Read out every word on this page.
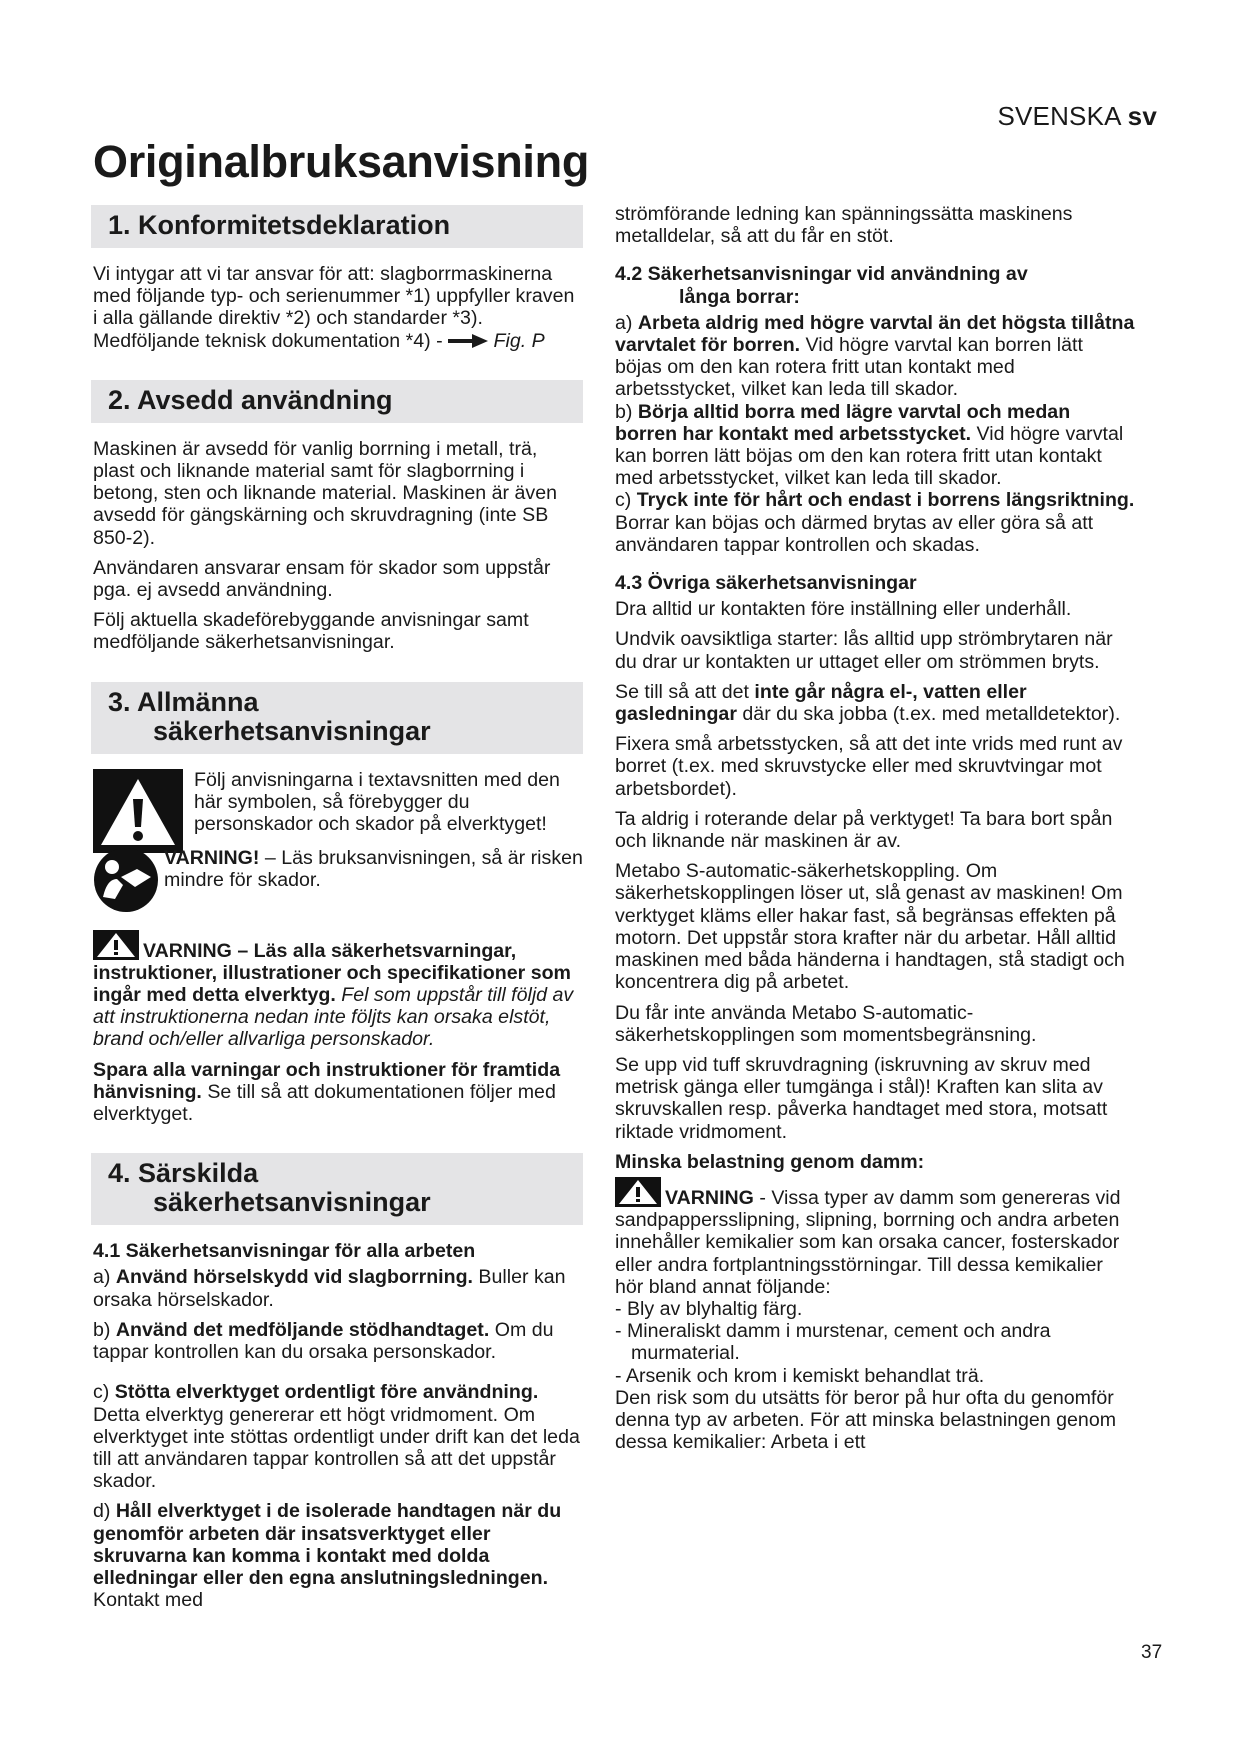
SVENSKA sv
Originalbruksanvisning
1. Konformitetsdeklaration

Vi intygar att vi tar ansvar för att: slagborrmaskinerna med följande typ- och serienummer *1) uppfyller kraven i alla gällande direktiv *2) och standarder *3). Medföljande teknisk dokumentation *4) -	Fig. P

2. Avsedd användning

Maskinen är avsedd för vanlig borrning i metall, trä, plast och liknande material samt för slagborrning i betong, sten och liknande material. Maskinen är även avsedd för gängskärning och skruvdragning (inte SB 850-2).

Användaren ansvarar ensam för skador som uppstår pga. ej avsedd användning.

Följ aktuella skadeförebyggande anvisningar samt medföljande säkerhetsanvisningar.

3. Allmänna
säkerhetsanvisningar
Följ anvisningarna i textavsnitten med den här symbolen, så förebygger du personskador och skador på elverktyget!
VARNING! – Läs bruksanvisningen, så är risken mindre för skador.

VARNING – Läs alla säkerhetsvarningar, instruktioner, illustrationer och specifikationer som ingår med detta elverktyg. Fel som uppstår till följd av att instruktionerna nedan inte följts kan orsaka elstöt, brand och/eller allvarliga personskador.

Spara alla varningar och instruktioner för framtida hänvisning. Se till så att dokumentationen följer med elverktyget.

4. Särskilda
säkerhetsanvisningar

4.1 Säkerhetsanvisningar för alla arbeten

a) Använd hörselskydd vid slagborrning. Buller kan orsaka hörselskador.

b) Använd det medföljande stödhandtaget. Om du tappar kontrollen kan du orsaka personskador.

c) Stötta elverktyget ordentligt före användning. Detta elverktyg genererar ett högt vridmoment. Om elverktyget inte stöttas ordentligt under drift kan det leda till att användaren tappar kontrollen så att det uppstår skador.

d) Håll elverktyget i de isolerade handtagen när du genomför arbeten där insatsverktyget eller skruvarna kan komma i kontakt med dolda elledningar eller den egna anslutningsledningen. Kontakt med

strömförande ledning kan spänningssätta maskinens metalldelar, så att du får en stöt.

4.2 Säkerhetsanvisningar vid användning av
långa borrar:

a) Arbeta aldrig med högre varvtal än det högsta tillåtna varvtalet för borren. Vid högre varvtal kan borren lätt böjas om den kan rotera fritt utan kontakt med arbetsstycket, vilket kan leda till skador.

b) Börja alltid borra med lägre varvtal och medan borren har kontakt med arbetsstycket. Vid högre varvtal kan borren lätt böjas om den kan rotera fritt utan kontakt med arbetsstycket, vilket kan leda till skador.

c) Tryck inte för hårt och endast i borrens längsriktning. Borrar kan böjas och därmed brytas av eller göra så att användaren tappar kontrollen och skadas.

4.3 Övriga säkerhetsanvisningar

Dra alltid ur kontakten före inställning eller underhåll.

Undvik oavsiktliga starter: lås alltid upp strömbrytaren när du drar ur kontakten ur uttaget eller om strömmen bryts.

Se till så att det inte går några el-, vatten eller gasledningar där du ska jobba (t.ex. med metalldetektor).

Fixera små arbetsstycken, så att det inte vrids med runt av borret (t.ex. med skruvstycke eller med skruvtvingar mot arbetsbordet).

Ta aldrig i roterande delar på verktyget! Ta bara bort spån och liknande när maskinen är av.

Metabo S-automatic-säkerhetskoppling. Om säkerhetskopplingen löser ut, slå genast av maskinen! Om verktyget kläms eller hakar fast, så begränsas effekten på motorn. Det uppstår stora krafter när du arbetar. Håll alltid maskinen med båda händerna i handtagen, stå stadigt och koncentrera dig på arbetet.

Du får inte använda Metabo S-automatic-säkerhetskopplingen som momentsbegränsning.

Se upp vid tuff skruvdragning (iskruvning av skruv med metrisk gänga eller tumgänga i stål)! Kraften kan slita av skruvskallen resp. påverka handtaget med stora, motsatt riktade vridmoment.

Minska belastning genom damm:

VARNING - Vissa typer av damm som genereras vid sandpappersslipning, slipning, borrning och andra arbeten innehåller kemikalier som kan orsaka cancer, fosterskador eller andra fortplantningsstörningar. Till dessa kemikalier hör bland annat följande:

- Bly av blyhaltig färg.

- Mineraliskt damm i murstenar, cement och andra murmaterial.

- Arsenik och krom i kemiskt behandlat trä.

Den risk som du utsätts för beror på hur ofta du genomför denna typ av arbeten. För att minska belastningen genom dessa kemikalier: Arbeta i ett

37
